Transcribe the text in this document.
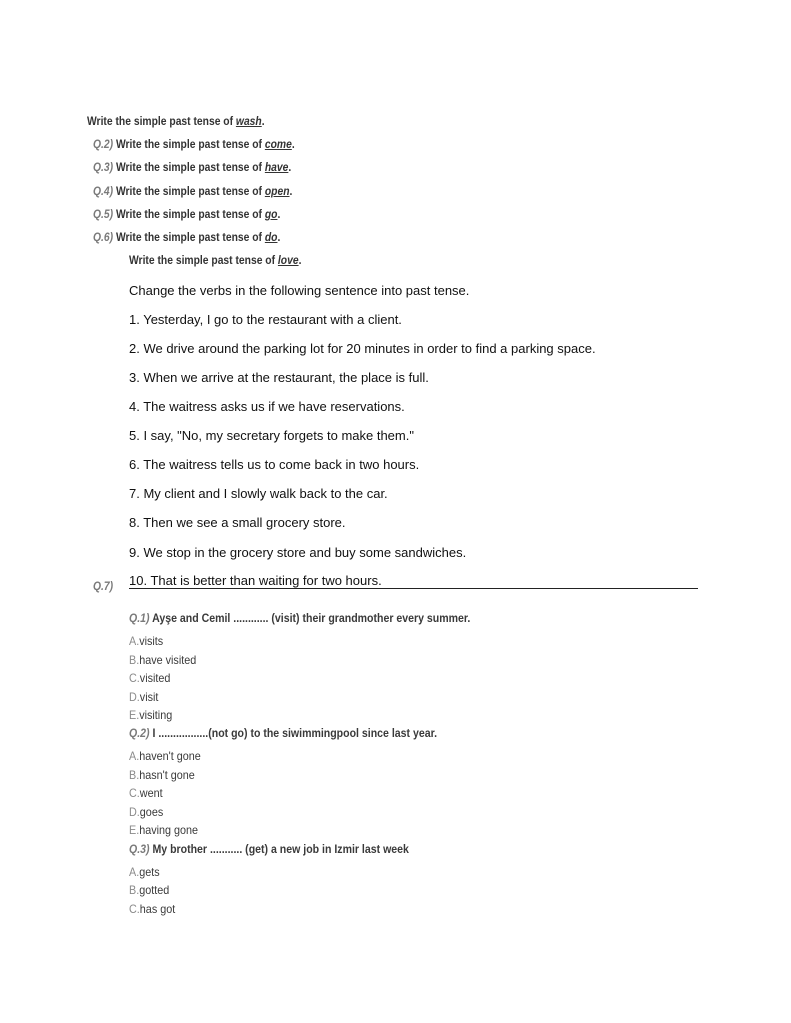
Write the simple past tense of wash.
Q.2) Write the simple past tense of come.
Q.3) Write the simple past tense of have.
Q.4) Write the simple past tense of open.
Q.5) Write the simple past tense of go.
Q.6) Write the simple past tense of do.
Write the simple past tense of love.
Change the verbs in the following sentence into past tense.
1. Yesterday, I go to the restaurant with a client.
2. We drive around the parking lot for 20 minutes in order to find a parking space.
3. When we arrive at the restaurant, the place is full.
4. The waitress asks us if we have reservations.
5. I say, "No, my secretary forgets to make them."
6. The waitress tells us to come back in two hours.
7. My client and I slowly walk back to the car.
8. Then we see a small grocery store.
9. We stop in the grocery store and buy some sandwiches.
10. That is better than waiting for two hours.
Q.7)
Q.1) Ayşe and Cemil ............ (visit) their grandmother every summer.
A.visits
B.have visited
C.visited
D.visit
E.visiting
Q.2) I .................(not go) to the siwimmingpool since last year.
A.haven't gone
B.hasn't gone
C.went
D.goes
E.having gone
Q.3) My brother ........... (get) a new job in Izmir last week
A.gets
B.gotted
C.has got
